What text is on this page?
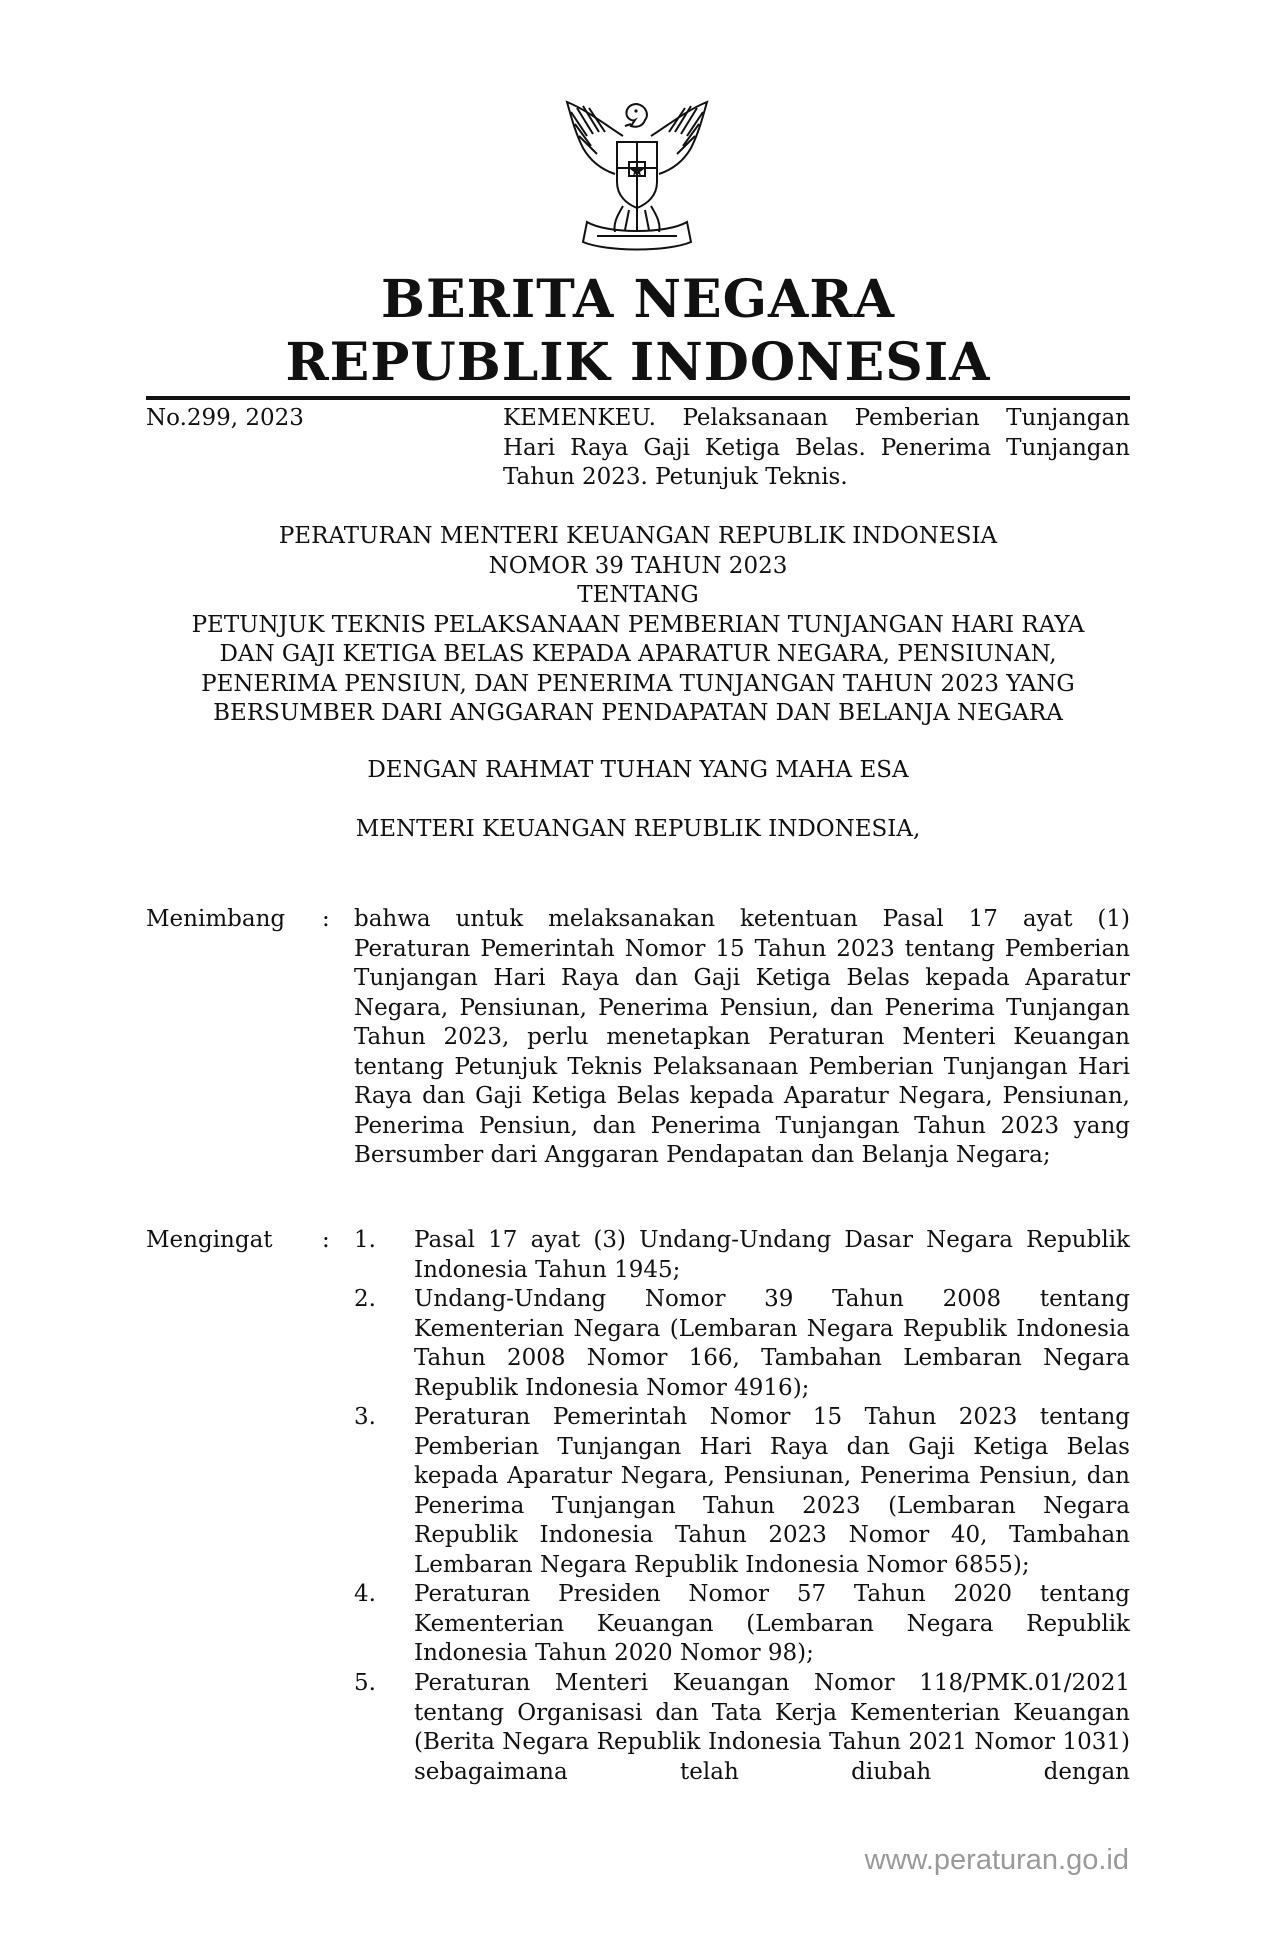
BERITA NEGARA
REPUBLIK INDONESIA
No.299, 2023	KEMENKEU. Pelaksanaan Pemberian Tunjangan Hari Raya Gaji Ketiga Belas. Penerima Tunjangan Tahun 2023. Petunjuk Teknis.
PERATURAN MENTERI KEUANGAN REPUBLIK INDONESIA
NOMOR 39 TAHUN 2023
TENTANG
PETUNJUK TEKNIS PELAKSANAAN PEMBERIAN TUNJANGAN HARI RAYA
DAN GAJI KETIGA BELAS KEPADA APARATUR NEGARA, PENSIUNAN,
PENERIMA PENSIUN, DAN PENERIMA TUNJANGAN TAHUN 2023 YANG
BERSUMBER DARI ANGGARAN PENDAPATAN DAN BELANJA NEGARA
DENGAN RAHMAT TUHAN YANG MAHA ESA
MENTERI KEUANGAN REPUBLIK INDONESIA,
Menimbang : bahwa untuk melaksanakan ketentuan Pasal 17 ayat (1) Peraturan Pemerintah Nomor 15 Tahun 2023 tentang Pemberian Tunjangan Hari Raya dan Gaji Ketiga Belas kepada Aparatur Negara, Pensiunan, Penerima Pensiun, dan Penerima Tunjangan Tahun 2023, perlu menetapkan Peraturan Menteri Keuangan tentang Petunjuk Teknis Pelaksanaan Pemberian Tunjangan Hari Raya dan Gaji Ketiga Belas kepada Aparatur Negara, Pensiunan, Penerima Pensiun, dan Penerima Tunjangan Tahun 2023 yang Bersumber dari Anggaran Pendapatan dan Belanja Negara;
Mengingat : 1. Pasal 17 ayat (3) Undang-Undang Dasar Negara Republik Indonesia Tahun 1945;
2. Undang-Undang Nomor 39 Tahun 2008 tentang Kementerian Negara (Lembaran Negara Republik Indonesia Tahun 2008 Nomor 166, Tambahan Lembaran Negara Republik Indonesia Nomor 4916);
3. Peraturan Pemerintah Nomor 15 Tahun 2023 tentang Pemberian Tunjangan Hari Raya dan Gaji Ketiga Belas kepada Aparatur Negara, Pensiunan, Penerima Pensiun, dan Penerima Tunjangan Tahun 2023 (Lembaran Negara Republik Indonesia Tahun 2023 Nomor 40, Tambahan Lembaran Negara Republik Indonesia Nomor 6855);
4. Peraturan Presiden Nomor 57 Tahun 2020 tentang Kementerian Keuangan (Lembaran Negara Republik Indonesia Tahun 2020 Nomor 98);
5. Peraturan Menteri Keuangan Nomor 118/PMK.01/2021 tentang Organisasi dan Tata Kerja Kementerian Keuangan (Berita Negara Republik Indonesia Tahun 2021 Nomor 1031) sebagaimana telah diubah dengan
www.peraturan.go.id
